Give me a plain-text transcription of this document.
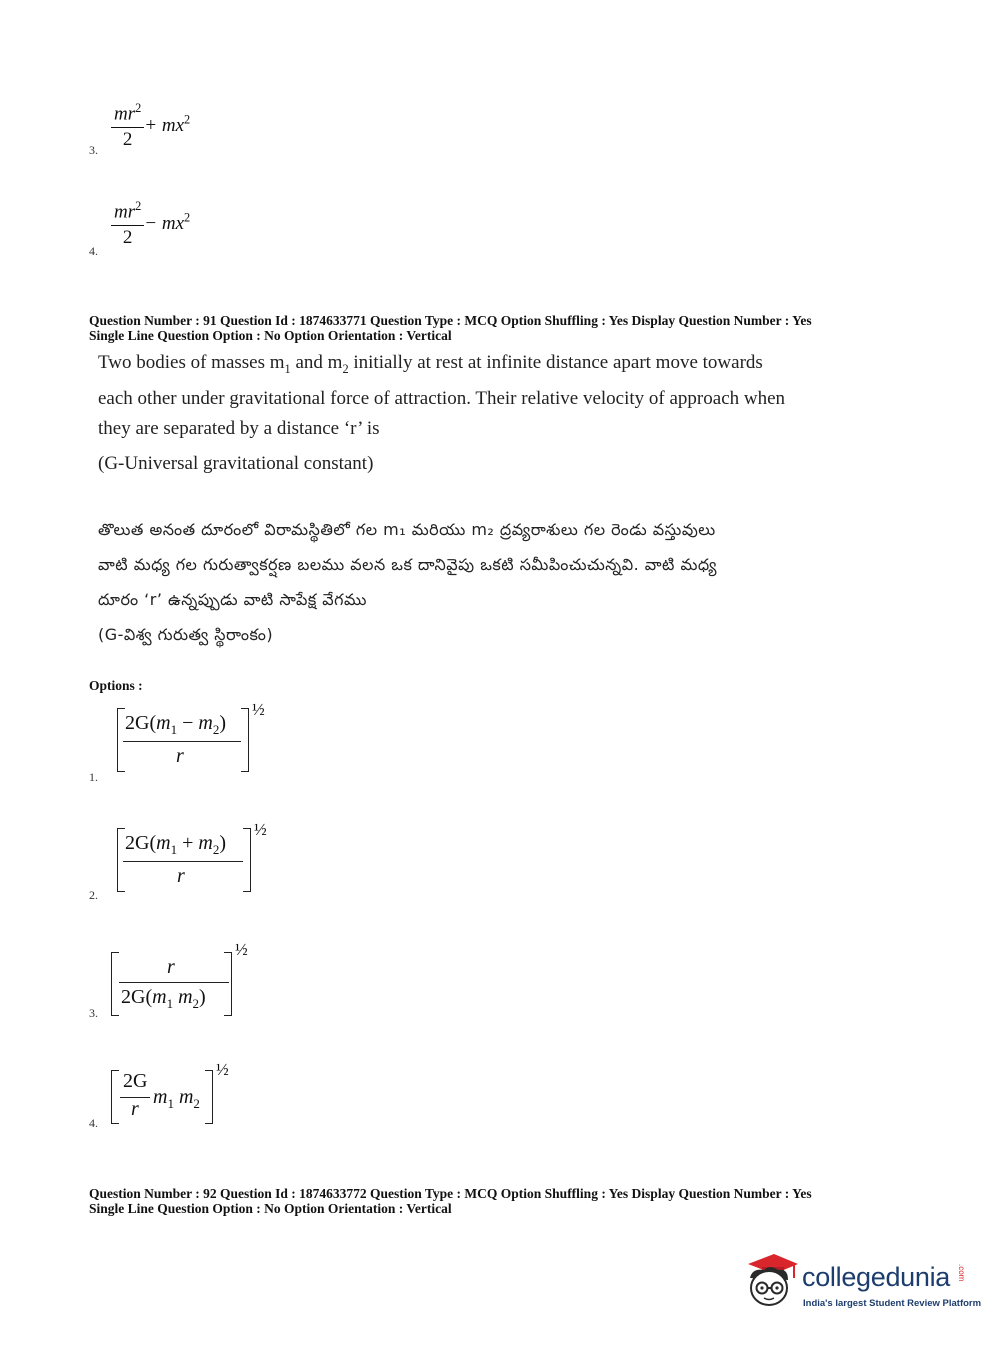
3. $\frac{mr^2}{2} + mx^2$
4.
$\frac{mr^2}{2} - mx^2$
Question Number : 91 Question Id : 1874633771 Question Type : MCQ Option Shuffling : Yes Display Question Number : Yes
Single Line Question Option : No Option Orientation : Vertical
Two bodies of masses $m_1$ and $m_2$ initially at rest at infinite distance apart move towards
each other under gravitational force of attraction. Their relative velocity of approach when
they are separated by a distance ‘r’ is
(G-Universal gravitational constant)
తొలుత అనంత దూరంలో విరామస్థితిలో గల m₁ మరియు m₂ ద్రవ్యరాశులు గల రెండు వస్తువులు
వాటి మధ్య గల గురుత్వాకర్షణ బలము వలన ఒక దానివైపు ఒకటి సమీపించుచున్నవి. వాటి మధ్య
దూరం ‘r’ ఉన్నప్పుడు వాటి సాపేక్ష వేగము
(G-విశ్వ గురుత్వ స్థిరాంకం)
Options :
1.
$2G(m_1 - m_2)$
r
½
2.
$2G(m_1 + m_2)$
r
½
3.
r
$2G(m_1$ $m_2$)
½
4.
2G
r
$m_1$ $m_2$
½
Question Number : 92 Question Id : 1874633772 Question Type : MCQ Option Shuffling : Yes Display Question Number : Yes
Single Line Question Option : No Option Orientation : Vertical
collegedunia .com
India's largest Student Review Platform
